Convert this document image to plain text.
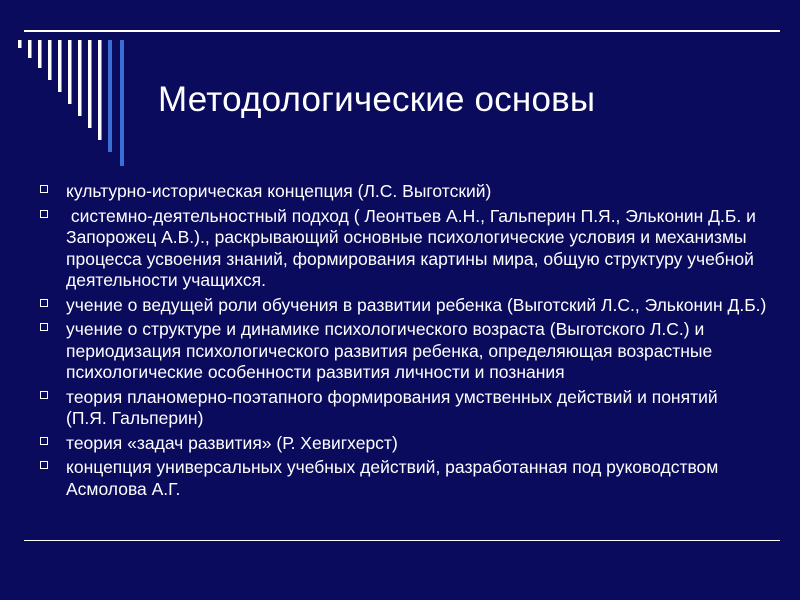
Методологические основы
культурно-историческая концепция (Л.С. Выготский)
системно-деятельностный подход ( Леонтьев А.Н., Гальперин П.Я., Эльконин Д.Б. и Запорожец А.В.)., раскрывающий основные психологические условия и механизмы процесса усвоения знаний, формирования картины мира, общую структуру учебной деятельности учащихся.
учение о ведущей роли обучения в развитии ребенка (Выготский Л.С., Эльконин Д.Б.)
учение о структуре и динамике психологического возраста (Выготского Л.С.) и периодизация психологического развития ребенка, определяющая возрастные психологические особенности развития личности и познания
теория планомерно-поэтапного формирования умственных действий и понятий       (П.Я. Гальперин)
теория «задач развития» (Р. Хевигхерст)
концепция универсальных учебных действий, разработанная под руководством Асмолова А.Г.
